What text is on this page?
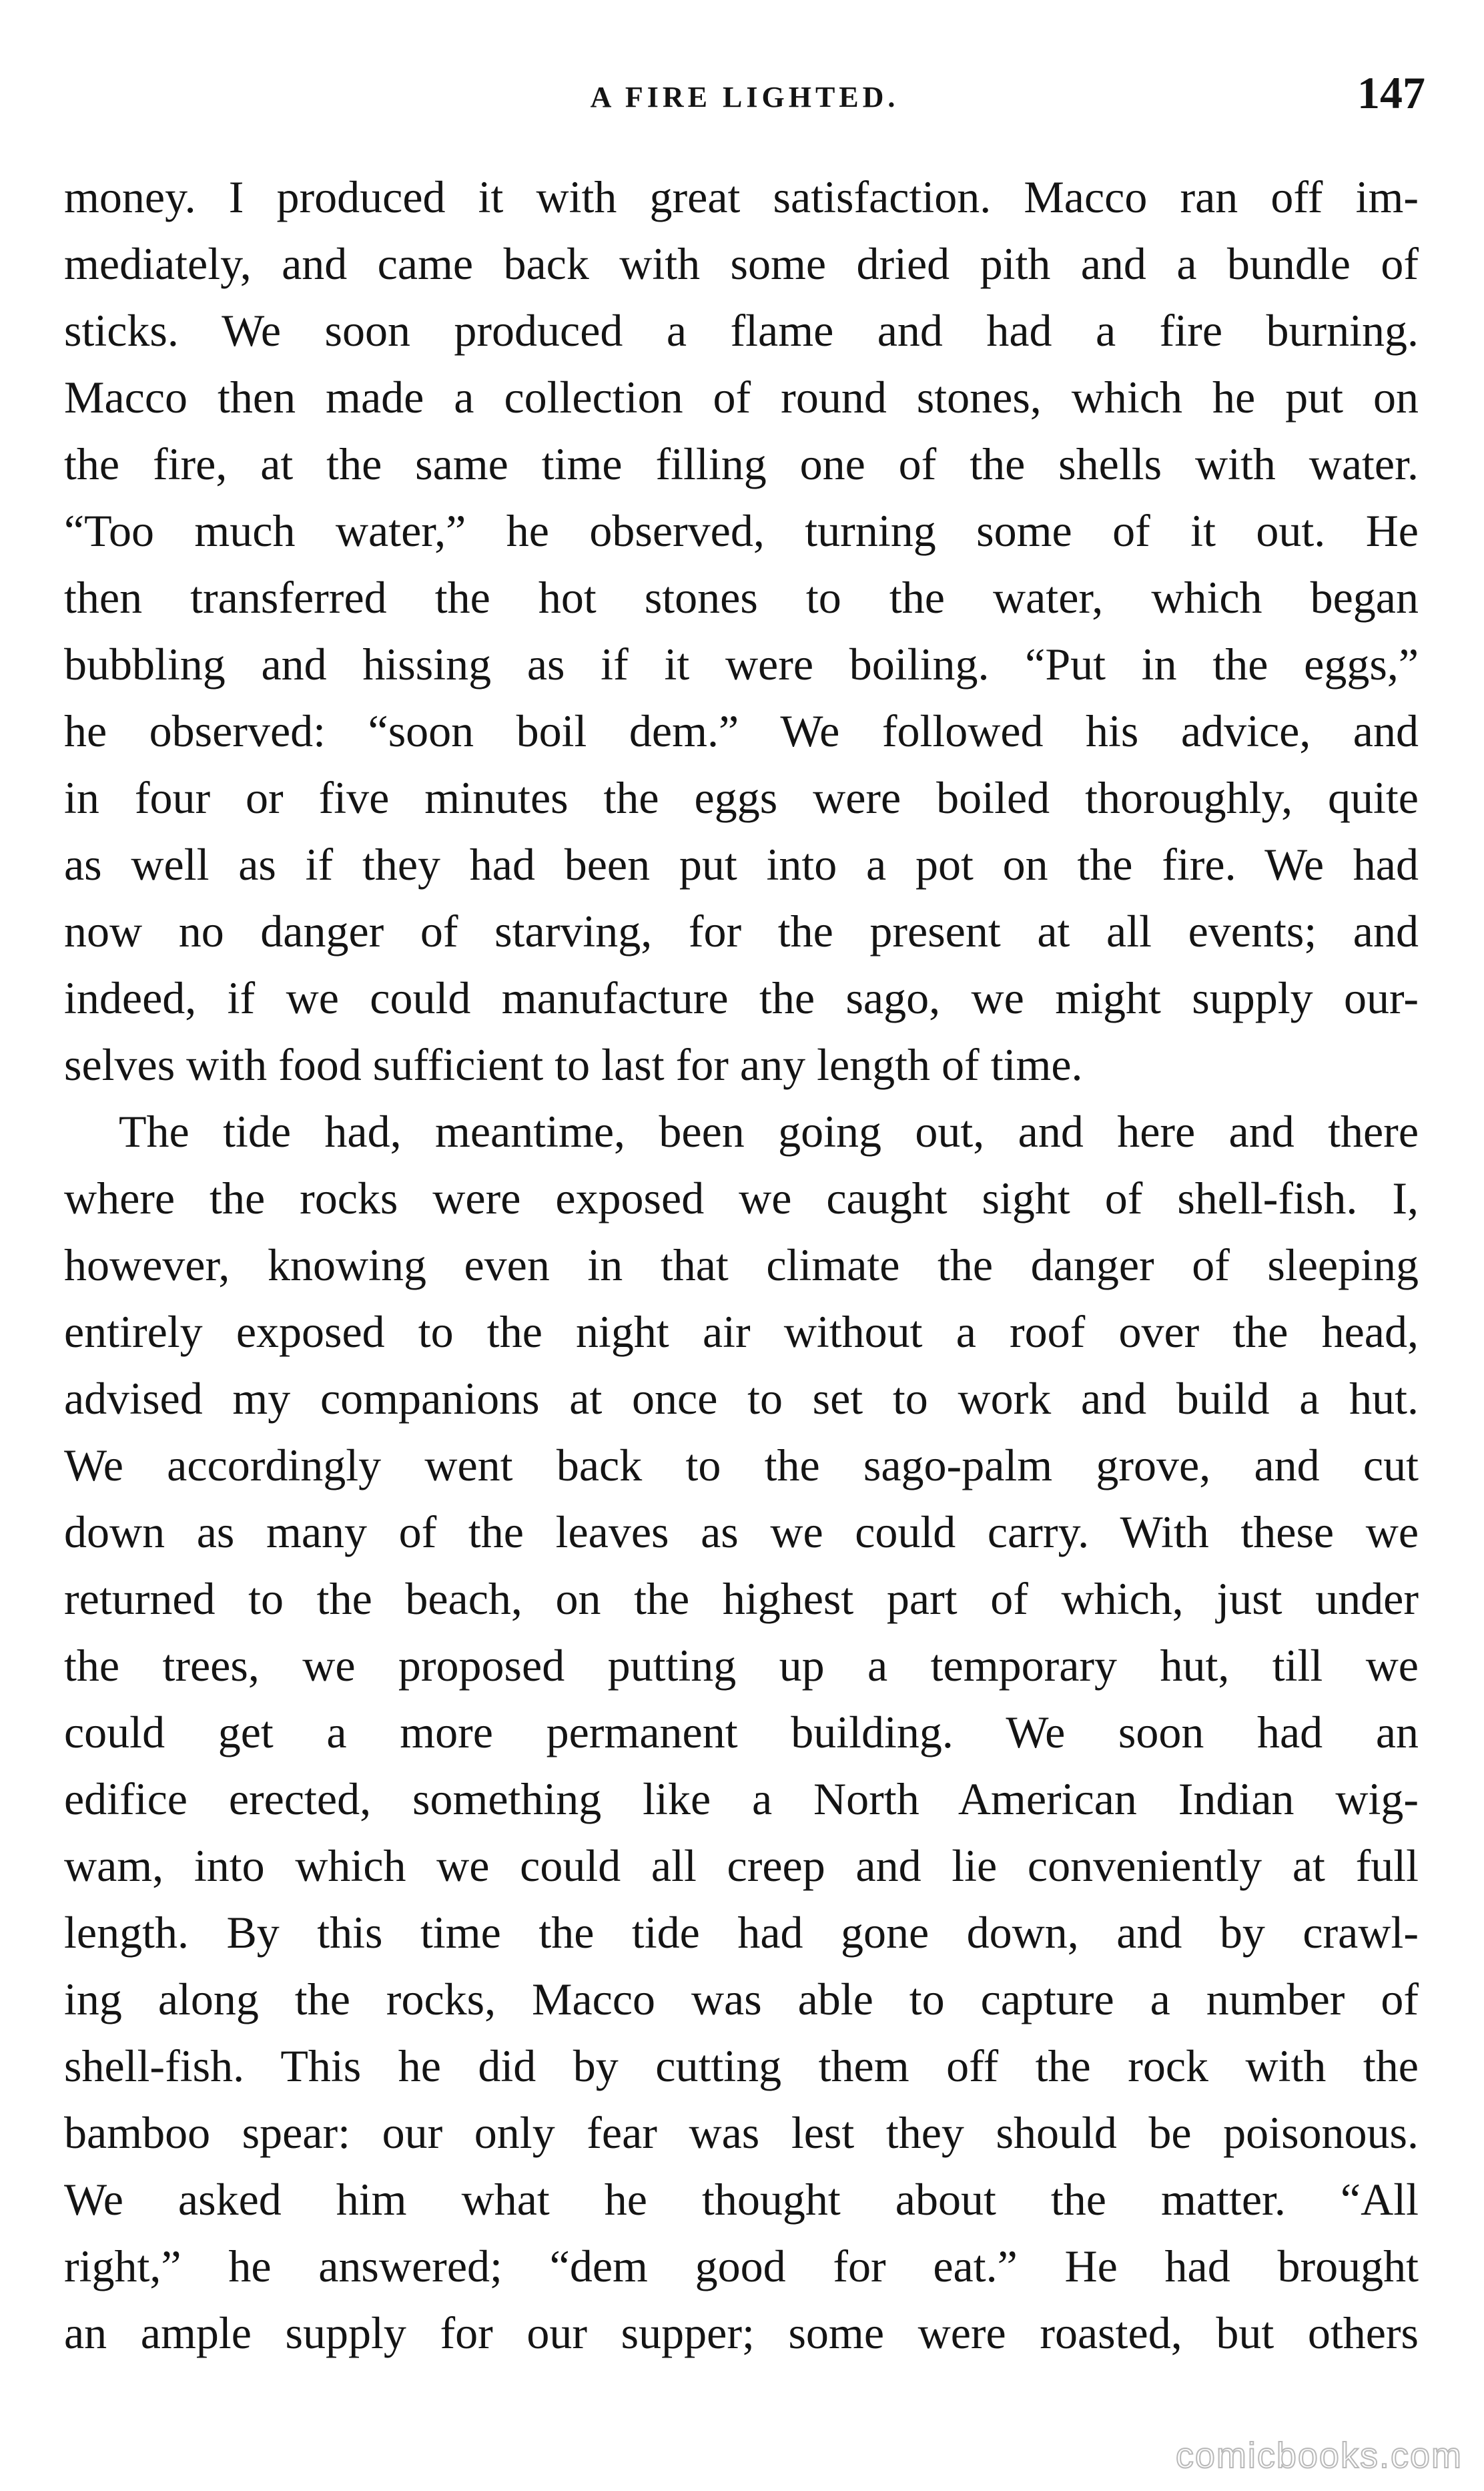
A FIRE LIGHTED.	147
money. I produced it with great satisfaction. Macco ran off im-
mediately, and came back with some dried pith and a bundle of
sticks. We soon produced a flame and had a fire burning.
Macco then made a collection of round stones, which he put on
the fire, at the same time filling one of the shells with water.
“Too much water,” he observed, turning some of it out. He
then transferred the hot stones to the water, which began
bubbling and hissing as if it were boiling. “Put in the eggs,”
he observed: “soon boil dem.” We followed his advice, and
in four or five minutes the eggs were boiled thoroughly, quite
as well as if they had been put into a pot on the fire. We had
now no danger of starving, for the present at all events; and
indeed, if we could manufacture the sago, we might supply our-
selves with food sufficient to last for any length of time.
The tide had, meantime, been going out, and here and there
where the rocks were exposed we caught sight of shell-fish. I,
however, knowing even in that climate the danger of sleeping
entirely exposed to the night air without a roof over the head,
advised my companions at once to set to work and build a hut.
We accordingly went back to the sago-palm grove, and cut
down as many of the leaves as we could carry. With these we
returned to the beach, on the highest part of which, just under
the trees, we proposed putting up a temporary hut, till we
could get a more permanent building. We soon had an
edifice erected, something like a North American Indian wig-
wam, into which we could all creep and lie conveniently at full
length. By this time the tide had gone down, and by crawl-
ing along the rocks, Macco was able to capture a number of
shell-fish. This he did by cutting them off the rock with the
bamboo spear: our only fear was lest they should be poisonous.
We asked him what he thought about the matter. “All
right,” he answered; “dem good for eat.” He had brought
an ample supply for our supper; some were roasted, but others
comicbooks.com
